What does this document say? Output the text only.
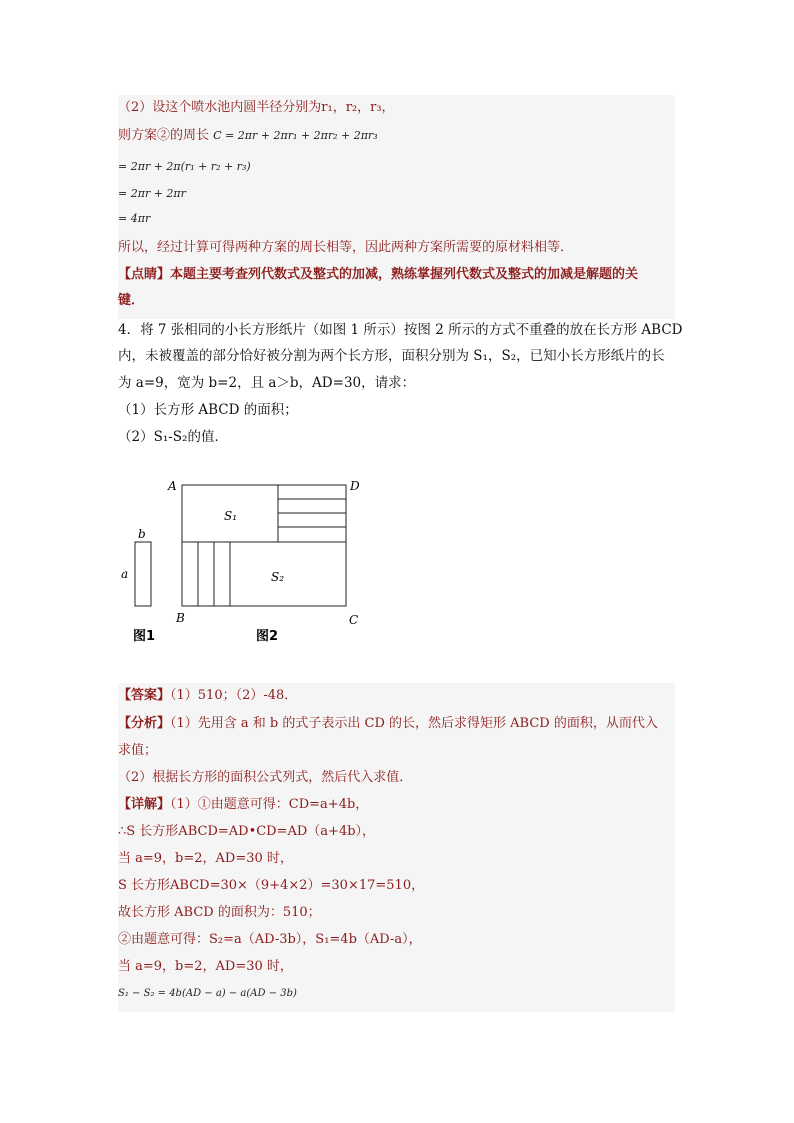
（2）设这个喷水池内圆半径分别为r₁，r₂，r₃，
则方案②的周长 C = 2πr + 2πr₁ + 2πr₂ + 2πr₃
= 2πr + 2π(r₁ + r₂ + r₃)
= 2πr + 2πr
= 4πr
所以，经过计算可得两种方案的周长相等，因此两种方案所需要的原材料相等．
【点睛】本题主要考查列代数式及整式的加减，熟练掌握列代数式及整式的加减是解题的关
键．
4．将 7 张相同的小长方形纸片（如图 1 所示）按图 2 所示的方式不重叠的放在长方形 ABCD
内，未被覆盖的部分恰好被分割为两个长方形，面积分别为 S₁，S₂，已知小长方形纸片的长
为 a=9，宽为 b=2，且 a＞b，AD=30，请求：
（1）长方形 ABCD 的面积；
（2）S₁-S₂的值．
b
a
图1
A	D
B	C
S₁
S₂
图2
【答案】（1）510；（2）-48．
【分析】（1）先用含 a 和 b 的式子表示出 CD 的长，然后求得矩形 ABCD 的面积，从而代入
求值；
（2）根据长方形的面积公式列式，然后代入求值．
【详解】（1）①由题意可得：CD=a+4b，
∴S 长方形ABCD=AD•CD=AD（a+4b），
当 a=9，b=2，AD=30 时，
S 长方形ABCD=30×（9+4×2）=30×17=510，
故长方形 ABCD 的面积为：510；
②由题意可得：S₂=a（AD-3b），S₁=4b（AD-a），
当 a=9，b=2，AD=30 时，
S₁ − S₂ = 4b(AD − a) − a(AD − 3b)
